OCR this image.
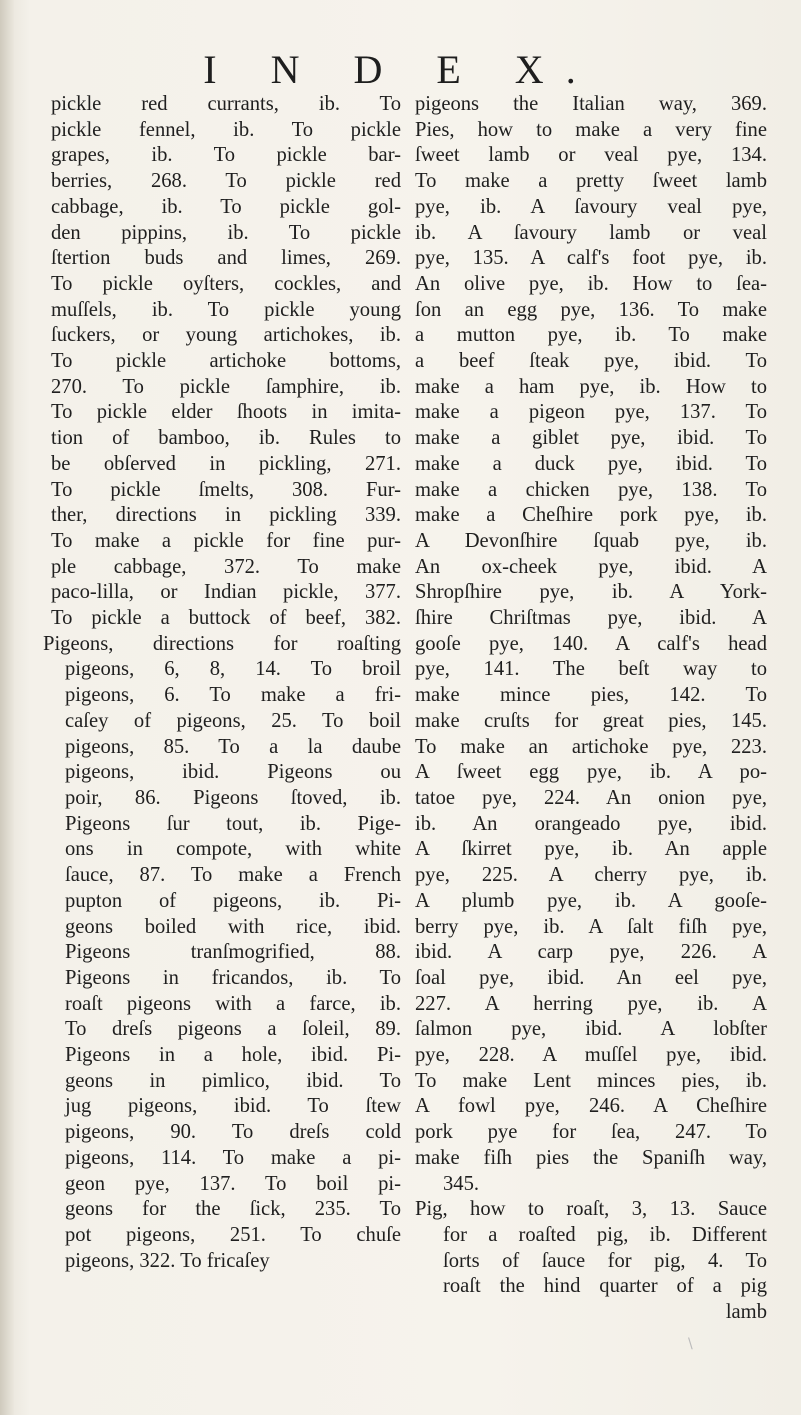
I N D E X.
pickle red currants, ib. To
pickle fennel, ib. To pickle
grapes, ib. To pickle bar-
berries, 268. To pickle red
cabbage, ib. To pickle gol-
den pippins, ib. To pickle
ſtertion buds and limes, 269.
To pickle oyſters, cockles, and
muſſels, ib. To pickle young
ſuckers, or young artichokes, ib.
To pickle artichoke bottoms,
270. To pickle ſamphire, ib.
To pickle elder ſhoots in imita-
tion of bamboo, ib. Rules to
be obſerved in pickling, 271.
To pickle ſmelts, 308. Fur-
ther, directions in pickling 339.
To make a pickle for fine pur-
ple cabbage, 372. To make
paco-lilla, or Indian pickle, 377.
To pickle a buttock of beef, 382.
Pigeons, directions for roaſting
pigeons, 6, 8, 14. To broil
pigeons, 6. To make a fri-
caſey of pigeons, 25. To boil
pigeons, 85. To a la daube
pigeons, ibid. Pigeons ou
poir, 86. Pigeons ſtoved, ib.
Pigeons ſur tout, ib. Pige-
ons in compote, with white
ſauce, 87. To make a French
pupton of pigeons, ib. Pi-
geons boiled with rice, ibid.
Pigeons tranſmogrified, 88.
Pigeons in fricandos, ib. To
roaſt pigeons with a farce, ib.
To dreſs pigeons a ſoleil, 89.
Pigeons in a hole, ibid. Pi-
geons in pimlico, ibid. To
jug pigeons, ibid. To ſtew
pigeons, 90. To dreſs cold
pigeons, 114. To make a pi-
geon pye, 137. To boil pi-
geons for the ſick, 235. To
pot pigeons, 251. To chuſe
pigeons, 322. To fricaſey
pigeons the Italian way, 369.
Pies, how to make a very fine
ſweet lamb or veal pye, 134.
To make a pretty ſweet lamb
pye, ib. A ſavoury veal pye,
ib. A ſavoury lamb or veal
pye, 135. A calf's foot pye, ib.
An olive pye, ib. How to ſea-
ſon an egg pye, 136. To make
a mutton pye, ib. To make
a beef ſteak pye, ibid. To
make a ham pye, ib. How to
make a pigeon pye, 137. To
make a giblet pye, ibid. To
make a duck pye, ibid. To
make a chicken pye, 138. To
make a Cheſhire pork pye, ib.
A Devonſhire ſquab pye, ib.
An ox-cheek pye, ibid. A
Shropſhire pye, ib. A York-
ſhire Chriſtmas pye, ibid. A
gooſe pye, 140. A calf's head
pye, 141. The beſt way to
make mince pies, 142. To
make cruſts for great pies, 145.
To make an artichoke pye, 223.
A ſweet egg pye, ib. A po-
tatoe pye, 224. An onion pye,
ib. An orangeado pye, ibid.
A ſkirret pye, ib. An apple
pye, 225. A cherry pye, ib.
A plumb pye, ib. A gooſe-
berry pye, ib. A ſalt fiſh pye,
ibid. A carp pye, 226. A
ſoal pye, ibid. An eel pye,
227. A herring pye, ib. A
ſalmon pye, ibid. A lobſter
pye, 228. A muſſel pye, ibid.
To make Lent minces pies, ib.
A fowl pye, 246. A Cheſhire
pork pye for ſea, 247. To
make fiſh pies the Spaniſh way,
345.
Pig, how to roaſt, 3, 13. Sauce
for a roaſted pig, ib. Different
ſorts of ſauce for pig, 4. To
roaſt the hind quarter of a pig
lamb
\
